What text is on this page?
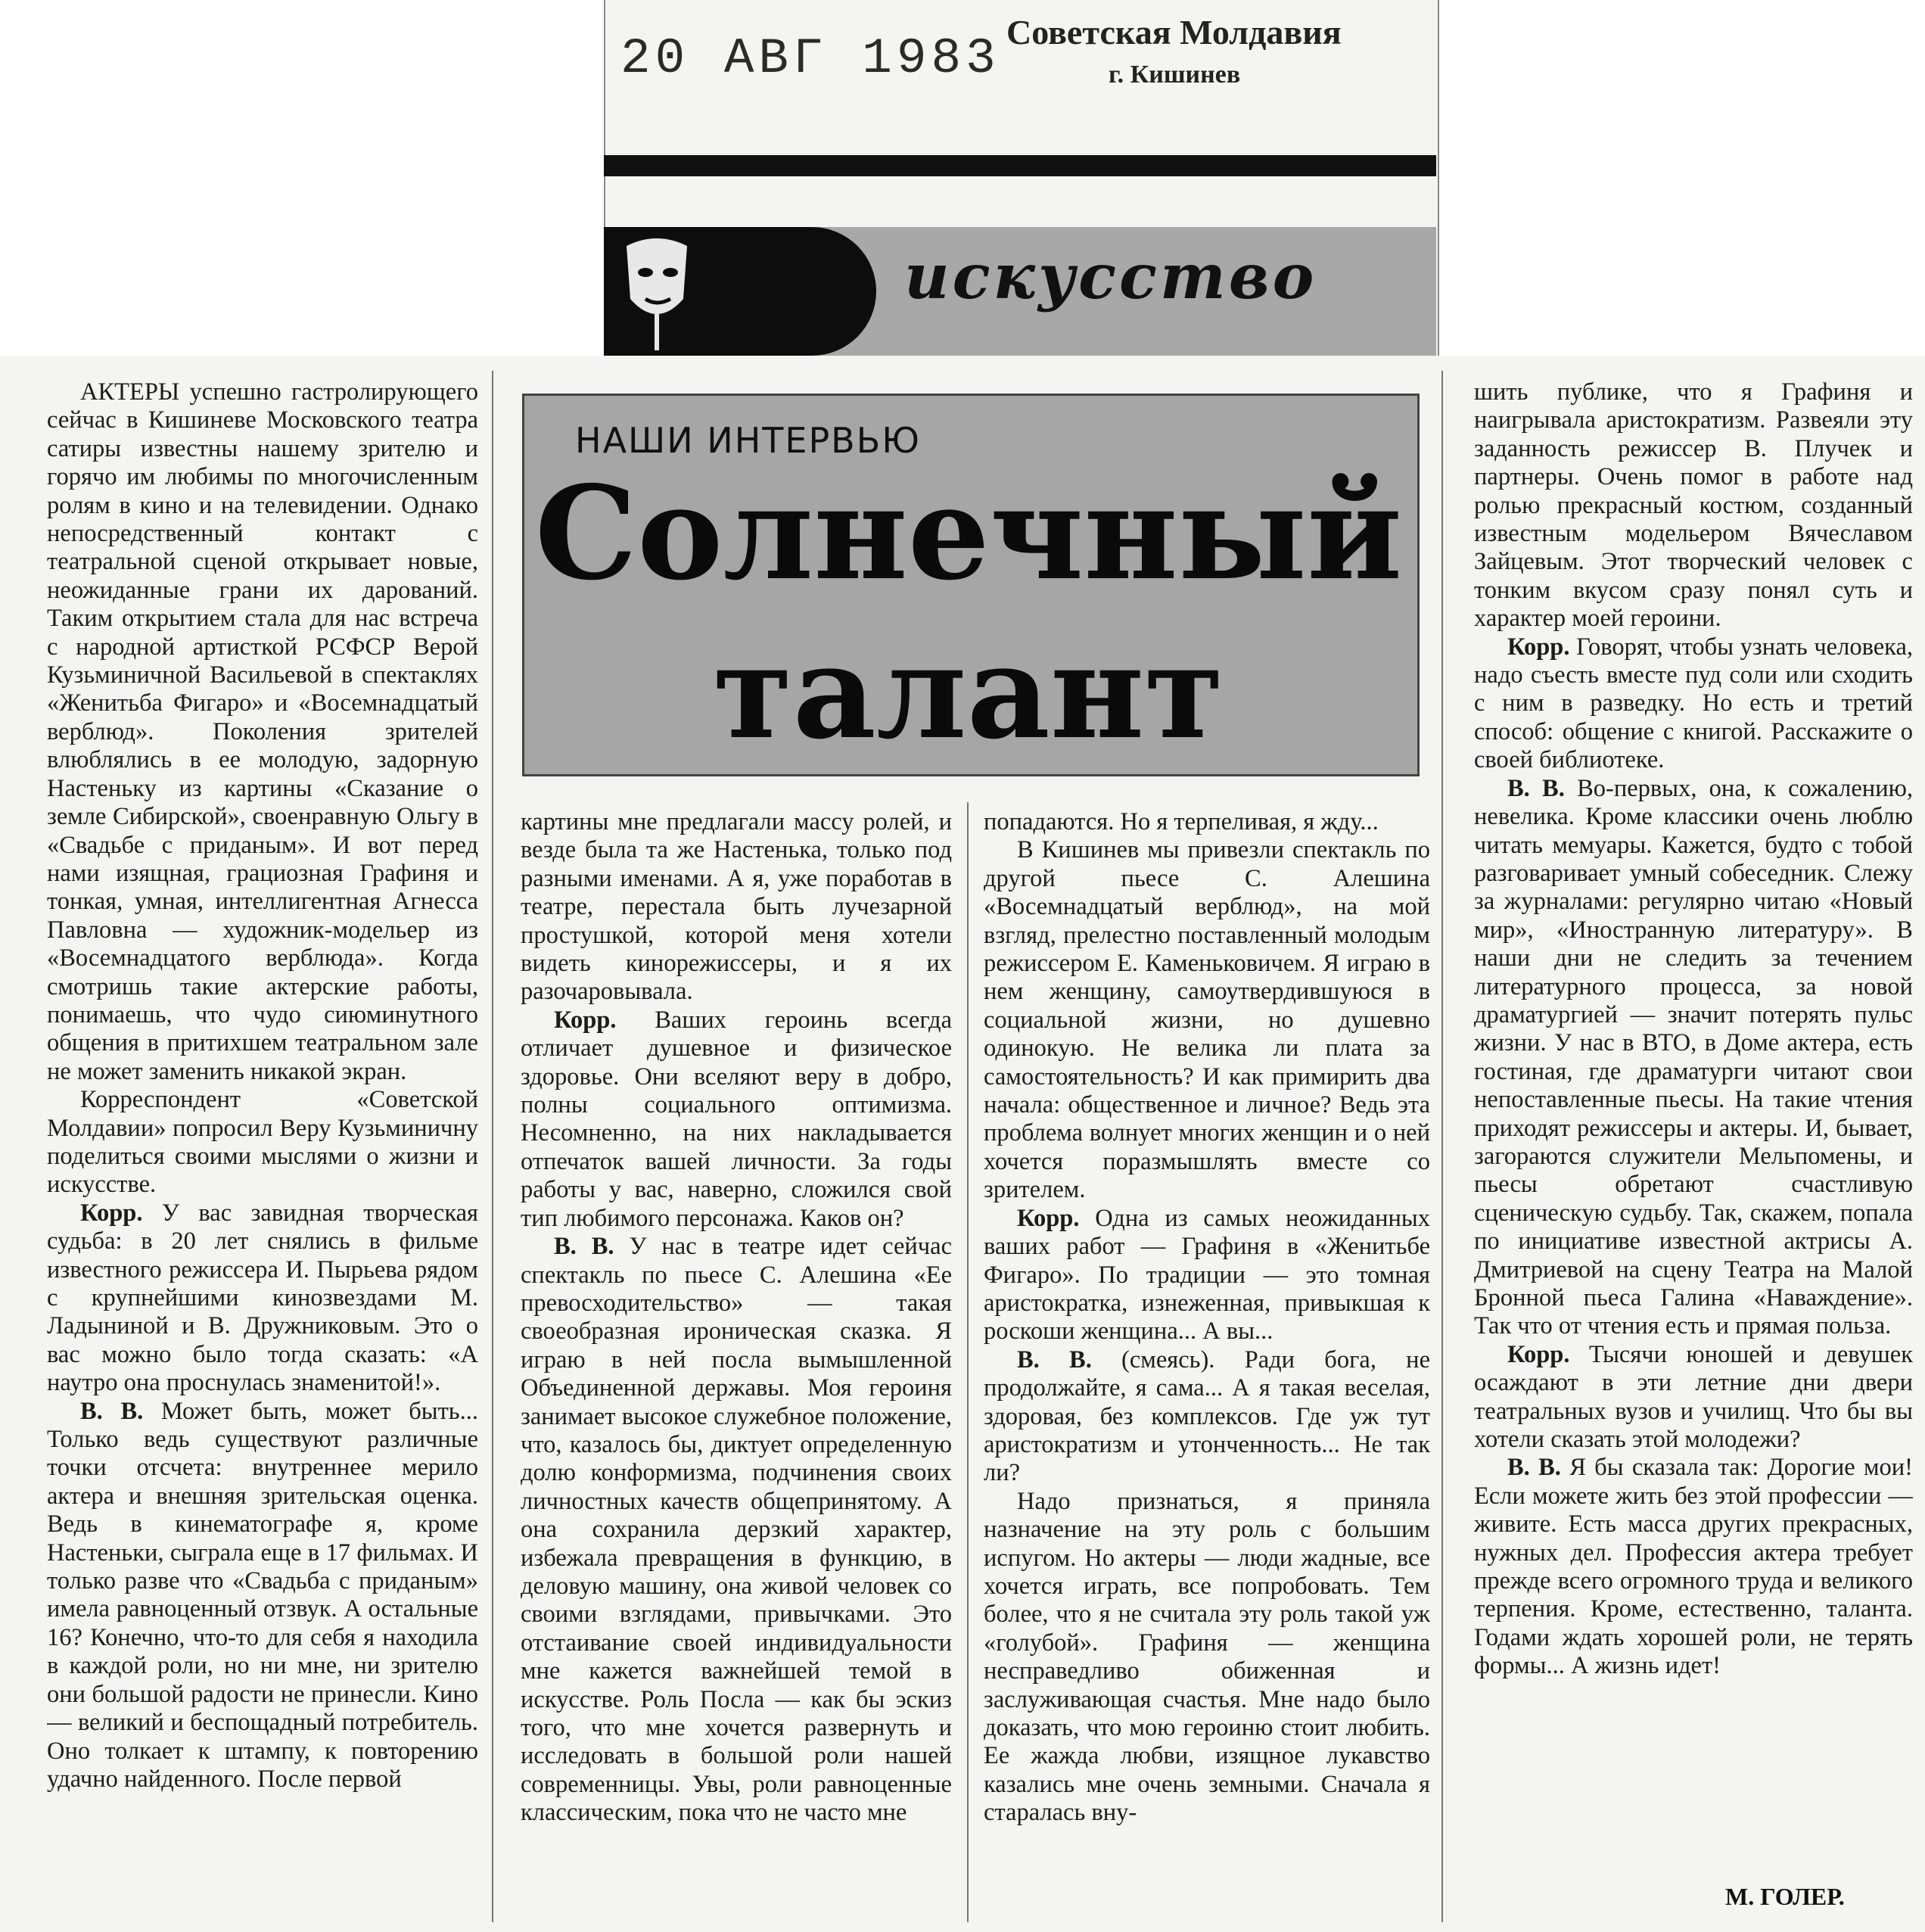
20 АВГ 1983 Советская Молдавия
г. Кишинев
искусство
НАШИ ИНТЕРВЬЮ
Солнечный
талант

АКТЕРЫ успешно гастролирующего сейчас в Кишиневе Московского театра сатиры известны нашему зрителю и горячо им любимы по многочисленным ролям в кино и на телевидении. Однако непосредственный контакт с театральной сценой открывает новые, неожиданные грани их дарований. Таким открытием стала для нас встреча с народной артисткой РСФСР Верой Кузьминичной Васильевой в спектаклях «Женитьба Фигаро» и «Восемнадцатый верблюд». Поколения зрителей влюблялись в ее молодую, задорную Настеньку из картины «Сказание о земле Сибирской», своенравную Ольгу в «Свадьбе с приданым». И вот перед нами изящная, грациозная Графиня и тонкая, умная, интеллигентная Агнесса Павловна — художник-модельер из «Восемнадцатого верблюда». Когда смотришь такие актерские работы, понимаешь, что чудо сиюминутного общения в притихшем театральном зале не может заменить никакой экран.

Корреспондент «Советской Молдавии» попросил Веру Кузьминичну поделиться своими мыслями о жизни и искусстве.

Корр. У вас завидная творческая судьба: в 20 лет снялись в фильме известного режиссера И. Пырьева рядом с крупнейшими кинозвездами М. Ладыниной и В. Дружниковым. Это о вас можно было тогда сказать: «А наутро она проснулась знаменитой!».

В. В. Может быть, может быть... Только ведь существуют различные точки отсчета: внутреннее мерило актера и внешняя зрительская оценка. Ведь в кинематографе я, кроме Настеньки, сыграла еще в 17 фильмах. И только разве что «Свадьба с приданым» имела равноценный отзвук. А остальные 16? Конечно, что-то для себя я находила в каждой роли, но ни мне, ни зрителю они большой радости не принесли. Кино — великий и беспощадный потребитель. Оно толкает к штампу, к повторению удачно найденного. После первой

картины мне предлагали массу ролей, и везде была та же Настенька, только под разными именами. А я, уже поработав в театре, перестала быть лучезарной простушкой, которой меня хотели видеть кинорежиссеры, и я их разочаровывала.

Корр. Ваших героинь всегда отличает душевное и физическое здоровье. Они вселяют веру в добро, полны социального оптимизма. Несомненно, на них накладывается отпечаток вашей личности. За годы работы у вас, наверно, сложился свой тип любимого персонажа. Каков он?

В. В. У нас в театре идет сейчас спектакль по пьесе С. Алешина «Ее превосходительство» — такая своеобразная ироническая сказка. Я играю в ней посла вымышленной Объединенной державы. Моя героиня занимает высокое служебное положение, что, казалось бы, диктует определенную долю конформизма, подчинения своих личностных качеств общепринятому. А она сохранила дерзкий характер, избежала превращения в функцию, в деловую машину, она живой человек со своими взглядами, привычками. Это отстаивание своей индивидуальности мне кажется важнейшей темой в искусстве. Роль Посла — как бы эскиз того, что мне хочется развернуть и исследовать в большой роли нашей современницы. Увы, роли равноценные классическим, пока что не часто мне

попадаются. Но я терпеливая, я жду...

В Кишинев мы привезли спектакль по другой пьесе С. Алешина «Восемнадцатый верблюд», на мой взгляд, прелестно поставленный молодым режиссером Е. Каменьковичем. Я играю в нем женщину, самоутвердившуюся в социальной жизни, но душевно одинокую. Не велика ли плата за самостоятельность? И как примирить два начала: общественное и личное? Ведь эта проблема волнует многих женщин и о ней хочется поразмышлять вместе со зрителем.

Корр. Одна из самых неожиданных ваших работ — Графиня в «Женитьбе Фигаро». По традиции — это томная аристократка, изнеженная, привыкшая к роскоши женщина... А вы...

В. В. (смеясь). Ради бога, не продолжайте, я сама... А я такая веселая, здоровая, без комплексов. Где уж тут аристократизм и утонченность... Не так ли?

Надо признаться, я приняла назначение на эту роль с большим испугом. Но актеры — люди жадные, все хочется играть, все попробовать. Тем более, что я не считала эту роль такой уж «голубой». Графиня — женщина несправедливо обиженная и заслуживающая счастья. Мне надо было доказать, что мою героиню стоит любить. Ее жажда любви, изящное лукавство казались мне очень земными. Сначала я старалась вну-

шить публике, что я Графиня и наигрывала аристократизм. Развеяли эту заданность режиссер В. Плучек и партнеры. Очень помог в работе над ролью прекрасный костюм, созданный известным модельером Вячеславом Зайцевым. Этот творческий человек с тонким вкусом сразу понял суть и характер моей героини.

Корр. Говорят, чтобы узнать человека, надо съесть вместе пуд соли или сходить с ним в разведку. Но есть и третий способ: общение с книгой. Расскажите о своей библиотеке.

В. В. Во-первых, она, к сожалению, невелика. Кроме классики очень люблю читать мемуары. Кажется, будто с тобой разговаривает умный собеседник. Слежу за журналами: регулярно читаю «Новый мир», «Иностранную литературу». В наши дни не следить за течением литературного процесса, за новой драматургией — значит потерять пульс жизни. У нас в ВТО, в Доме актера, есть гостиная, где драматурги читают свои непоставленные пьесы. На такие чтения приходят режиссеры и актеры. И, бывает, загораются служители Мельпомены, и пьесы обретают счастливую сценическую судьбу. Так, скажем, попала по инициативе известной актрисы А. Дмитриевой на сцену Театра на Малой Бронной пьеса Галина «Наваждение». Так что от чтения есть и прямая польза.

Корр. Тысячи юношей и девушек осаждают в эти летние дни двери театральных вузов и училищ. Что бы вы хотели сказать этой молодежи?

В. В. Я бы сказала так: Дорогие мои! Если можете жить без этой профессии — живите. Есть масса других прекрасных, нужных дел. Профессия актера требует прежде всего огромного труда и великого терпения. Кроме, естественно, таланта. Годами ждать хорошей роли, не терять формы... А жизнь идет!

М. ГОЛЕР.
